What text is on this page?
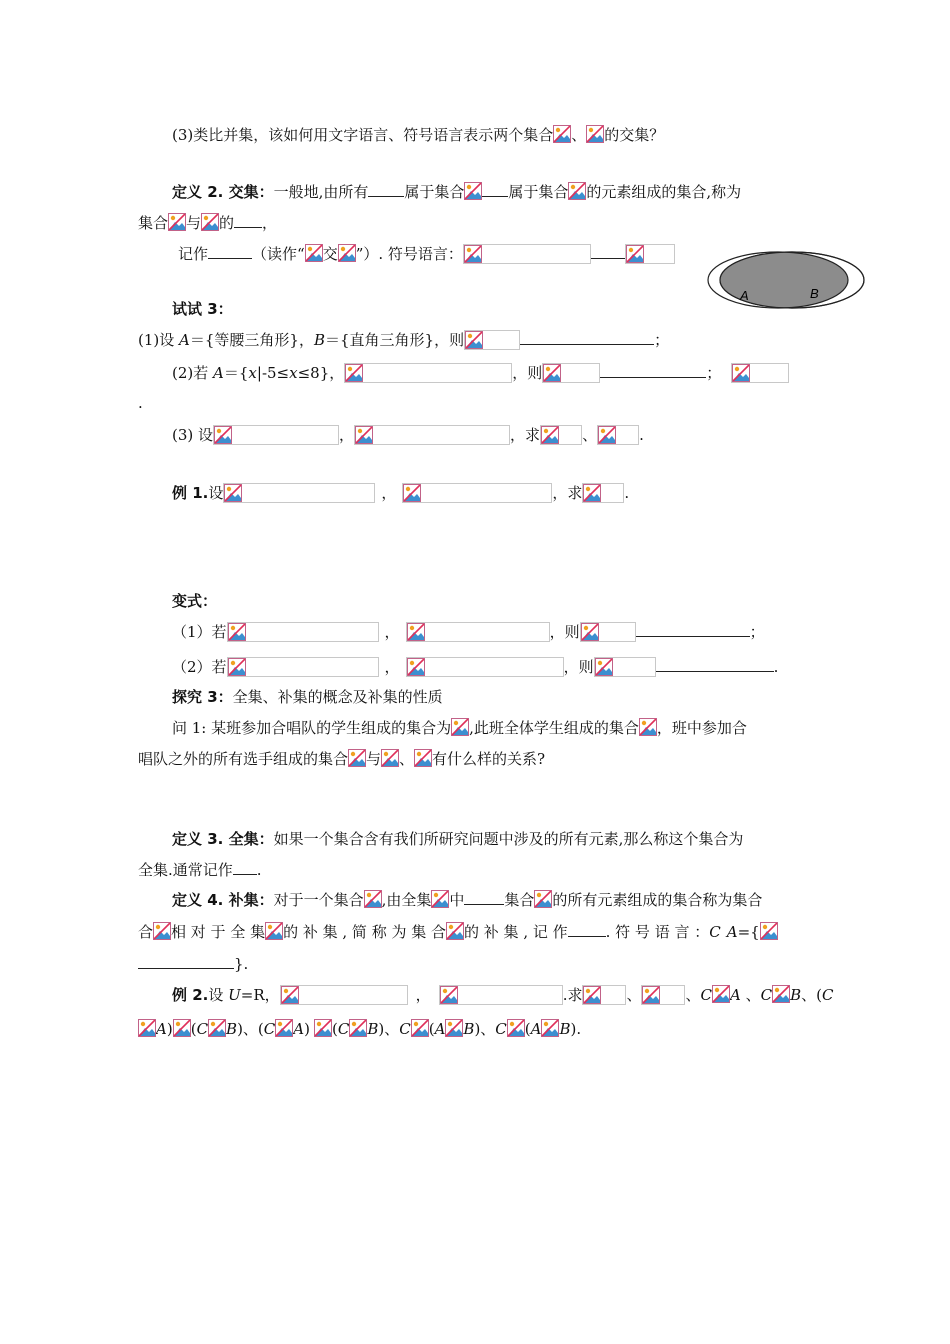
(3)类比并集，该如何用文字语言、符号语言表示两个集合 、 的交集？
定义 2. 交集：一般地,由所有 属于集合	属于集合 的元素组成的集合,称为
集合 与 的 ，
记作	（读作“ 交 ”）. 符号语言：
A	B
试试 3：
(1)设 A＝{等腰三角形}，B＝{直角三角形}，则	；
(2)若 A＝{x|-5≤x≤8}，	，则	；
.
(3) 设	，	，求	、	.
例 1.设	，	，求	.
变式：
（1）若	，	，则	；
（2）若	，	，则	.
探究 3：全集、补集的概念及补集的性质
问 1: 某班参加合唱队的学生组成的集合为 ,此班全体学生组成的集合 ，班中参加合
唱队之外的所有选手组成的集合 与 、 有什么样的关系?
定义 3. 全集：如果一个集合含有我们所研究问题中涉及的所有元素,那么称这个集合为
全集.通常记作 .
定义 4. 补集：对于一个集合 ,由全集 中	集合 的所有元素组成的集合称为集合
合 相 对 于 全 集 的 补 集 , 简 称 为 集 合 的 补 集 , 记 作	. 符 号 语 言 ：C A={
}.
例 2.设 U=R，	，	.求	、	、C A 、C B、(C
A) (C B)、(C A) (C B)、C (A B)、C (A B).
